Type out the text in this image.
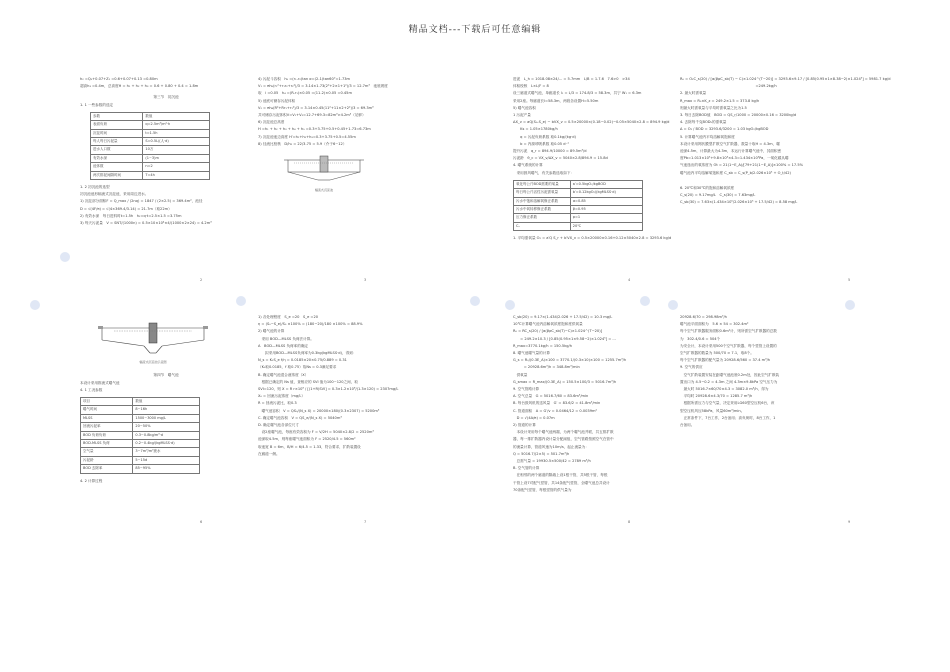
精品文档---下载后可任意编辑

h₂ =Q₀+0.07+Z₂ =0.6+0.07+0.13 =0.80m

超高h₃ =0.4m，总高度H = h₁ + h₂ + h₃ = 0.6 + 0.80 + 0.4 = 1.8m

第三节　初沉池

1. 1 一些参数的选定

参数	数值
表面负荷	q=2.5m³/m²·h
沉淀时间	t=1.5h
每人每日污泥量	S=0.5L/(人·d)
进水人口数	10万
有效水深	(1~3)m
池体数	n=2
两次排泥间隔时间	T=4h

1. 2 初沉池的选型

初沉池池形辐流式沉淀池，采用周边进水。

1) 沉淀部分面积F = Q_max / (2nq) = 1847 / (2×2.5) = 369.4m²，池径

D = √(4F/π) = √(4×369.4/3.14) = 21.7m（取22m）

2) 有效水深　每日进料时t=1.5h　h₂=q·t=2.5×1.5 =3.75m

3) 每天污泥量　V = SNT/(1000n) = 0.5×10×10⁴×4/(1000×2×24) = 4.2m³

2

4) 污泥斗容积　h₅ =(r₁-r₂)tan α=(2-1)tan60°=1.73m

V₁ = πh₅(r₁²+r₁r₂+r₂²)/3 = 3.14×1.73(2²+2×1+1²)/3 = 12.7m³　池底坡度

取　i =0.05　h₄ =(R-r₁)×0.05 =(11-2)×0.05 =0.45m

5) 池底可储存污泥体积

V₂ = πh₄(R²+Rr₁+r₁²)/3 = 3.14×0.45(11²+11×2+2²)/3 = 69.3m³

共可储存污泥体积V=V₁+V₂=12.7+69.3=82m³>4.2m³（足够）

6) 沉淀池总高度

H =h₁ + h₂ + h₃ + h₄ + h₅ =0.3+3.75+0.5+0.45+1.73=6.73m

7) 沉淀池池边高度 H′=h₁+h₂+h₃=0.3+3.75+0.5=4.55m

8) 径流比校核　D/h₂ = 22/3.75 = 5.9（介于6~12）

辐流式沉淀池
3

进泥　L_h = 1018.08×24/... = 5.7mm　L/B = 1.7.6　7.6>0　>34

体积校核　L×L/F = 8

设三廊道式曝气池，单廊道长 l₁ = L/3 = 174.8/3 = 58.3m，共宁 W₁ = 6.3m

采用2座。每廊道长l=58.3m，两段各设置H=5.50m

5) 曝气池容积

1 污泥产量

ΔX_v = aQ(S₀-S_e) − bVX_v = 0.5×20000×(0.18−0.02)−0.05×5040×2.8 = 894.9 kg/d

　　Ks = 1.05×1780kg/h

　　q = 污泥负荷系数 取0.1kg/(kg·d)

　　b = 内源呼吸系数 取0.05 d⁻¹

提升污泥　q_r = 894.9/10000 = 89.5m³/d

污泥龄　θ_c = VX_v/ΔX_v = 5040×2.8/894.9 = 15.8d

4. 曝气系统的计算

　采用鼓风曝气，有关参数选取如下：

氧化每公斤BOD需要的氧量	a′=0.5kgO₂/kgBOD
每日每公斤活性污泥需氧量	b′=0.12kgO₂/(kgMLSS·d)
污水中饱和溶解氧修正系数	α=0.85
污水中氧转移修正系数	β=0.95
压力修正系数	ρ=1
Cₛ	20℃

1. 平均需氧量 O₂ = a′Q S_r + b′VX_v = 0.5×20000×0.16+0.12×5040×2.8 = 3293.6 kg/d

4

R₀ = O₂C_s(20) / [α(βρC_sb(T) − C)×1.024^(T−20)] = 3293.6×9.17 / [0.85(0.95×1×8.38−2)×1.024⁵] = 5981.7 kg/d

　　　　　　　　　　　　　　　　　　　　　=249.2kg/h

2. 最大时需氧量

R_max = R₀×K_z = 249.2×1.5 = 373.8 kg/h

则最大时需氧量与平均时需氧量之比为1.5

3. 每日去除BOD值　BOD = QS_r/1000 = 20000×0.16 = 3200kg/d

4. 去除每千克BOD₅的需氧量

Δ = O₂ / BOD = 3293.6/3200 = 1.03 kgO₂/kgBOD

5. 计算曝气池内平均溶解氧饱和度

本设计采用网状膜型扩散空气扩散器，数量十取H = 4.3m，曝

池深4.5m，计算最大为4.3m，本运行计算曝气池中，其面积密

度Pb=1.013×10⁵+9.8×10³×4.3=1.434×10⁵Pa，一氧化碳从曝

气池逸出的氧浓度为 Ot = 21(1−E_A)/[79+21(1−E_A)]×100% = 17.5%

曝气池内平均溶解氧饱和度 C_sb = C_s(P_b/2.026×10⁵ + O_t/42)

6. 20℃和30℃的饱和溶解氧浓度

C_s(20) = 9.17mg/L　C_s(30) = 7.63mg/L

C_sb(30) = 7.63×(1.434×10⁵/2.026×10⁵ + 17.5/42) = 8.58 mg/L

5
辐流式沉淀池示意图

第四节　曝气池

本设计采用推流式曝气池

4. 1 工况参数

项目	数值
曝气时间	8~16h
MLSS	1500~3000 mg/L
回流污泥率	20~50%
BOD 负荷负荷	0.3~0.8kg/m³·d
BOD-MLSS 负荷	0.2~0.4kg/(kgMLSS·d)
空气量	3~7m³/m³废水
污泥龄	5~15d
BOD 去除率	85~95%

4. 2 计算过程

6

1) 各处理程度　S_e =20　S_e =20

η = (S₀−S_e)/S₀ ×100% = (180−20)/180 ×100% = 88.9%

2) 曝气池的计算

　采用 BOD—MLSS 负荷法计算。

A　BOD—MLSS 负荷率的确定

　　拟采用BOD—MLSS负荷率为0.3kg(kgMLSS·d)，得到：

N_s = K₂S_e f/η = 0.0185×20×0.75/0.889 = 0.31

（K₂取0.0185，f 取0.75）故Ns = 0.3满足要求

B. 确定曝气池混合液浓度（X）

　根据已确定的 Ns 值，查相应的 SVI 值为100~120之间，取

SVI=120，则 X = R r×10⁶ / [(1+R)SVI] = 0.3×1.2×10⁶/(1.3×120) = 2307mg/L

X₀ = 回流污泥浓度（mg/L）

R = 回流污泥比，取0.3

　曝气池容积　V = QS₀/(N_s X) = 20000×180/(0.3×2307) = 5200m³

C. 确定曝气池容积　V = QS_e/(N_s X) = 5040m³

D. 确定曝气池各部位尺寸

　设2座曝气池，每座有效容积为 F = V/2H = 5040×2.8/2 = 2520m³

池深取4.5m，则每座曝气池面积为 F = 2520/4.5 = 560m²

取池宽 B = 6m，B/H = 6/4.5 = 1.33，符合要求，扩散装置设

在廊道一侧。

7

C_sb(20) = 9.17×(1.434/2.026 + 17.5/42) = 10.3 mg/L

10℃计算曝气池内溶解氧浓度饱和度供氧量

R₀ = RC_s(20) / [α(βρC_sb(T)−C)×1.024^(T−20)]

　　= 249.2×10.3 / [0.85(0.95×1×9.58−2)×1.024⁵] = ...

R_max=3770.1kg/h = 150.5kg/h

8. 曝气池曝气量的计算

G_s = R₀/(0.3E_A)×100 = 3770.1/(0.3×10)×100 = 1255.7m³/h

　　　= 20928.6m³/h = 348.8m³/min

　供氧量

G_smax = R_max/(0.3E_A) = 150.5×100/3 = 5016.7m³/h

9. 空气管路计算

A. 空气总量　G = 5016.7/60 = 83.6m³/min

B. 每台鼓风机的送风量　G′ = 83.6/2 = 41.8m³/min

C. 管道面积　A = G′/v = 0.0464/12 = 0.0039m²

　D = √(4A/π) = 0.07m

2) 管道的计算

　本设计采用每个曝气池两端，为两个曝气池并联，共五排扩散

器，每一排扩散器内设计量分配阀组，空气管路按照空气在管中

的流量计算，管道风速为10m/s，起止流量为：

Q = 5016.7/(2×5) = 501.7m³/h

　总需气量 = 19930.5×500/42 = 2789 m³/h

B. 空气管的计算

　在相邻的两个廊道的隔墙上设1根干管，共5根干管，每根

干管上设7对配气竖管，共14条配气竖管，全曝气池总共设计

70条配气竖管，每根竖管的供气量为

8

20928.6/70 = 298.98m³/h

曝气池平面面积为　5.6 × 54 = 302.4m²

每个空气扩散器服务面积0.6m²计，则所需空气扩散器的总数

为　302.4/0.6 = 504个

为安全计，本设计采用500个空气扩散器，每个竖管上设置的

空气扩散器的数量为 500/70 ≈ 7.1，取8个。

每个空气扩散器的配气量为 20928.6/560 = 37.4 m³/h

9. 空气的供应

　空气扩散装置安装在距曝气池池底0.2m处，因此空气扩散装

置出口为 4.5−0.2 = 4.3m 之间 4.3m×9.8kPa 空气压力为

　最大时 5016.7×60/70×4.3 = 3082.0 m³/h，得为

　平均时 20928.6×4.3/70 = 1285.7 m³/h

　根据所需压力与空气量，决定采用LG60型空压机6台，该

型空压机风压58kPa，风量60m³/min。

　正常条件下，7台工作，2台备用；高负荷时，8台工作，1

台备用。

9
